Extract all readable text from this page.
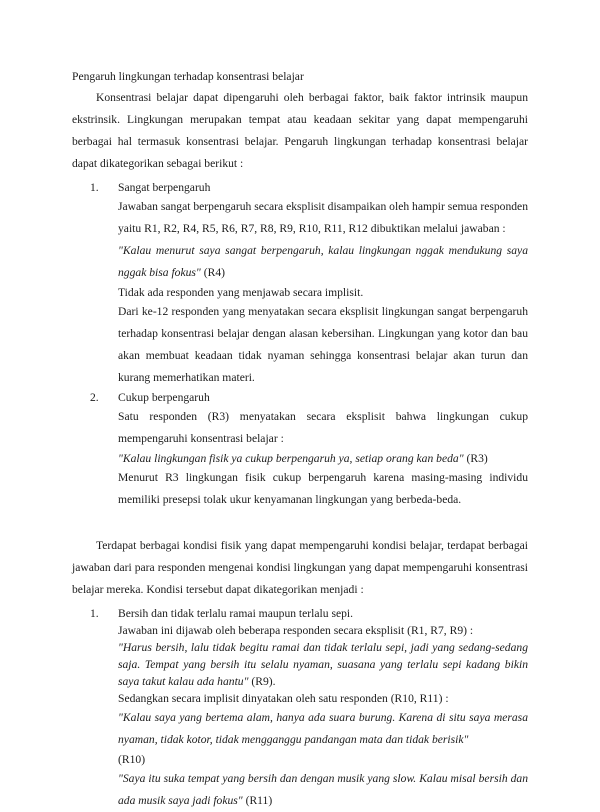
Pengaruh lingkungan terhadap konsentrasi belajar

Konsentrasi belajar dapat dipengaruhi oleh berbagai faktor, baik faktor intrinsik maupun ekstrinsik. Lingkungan merupakan tempat atau keadaan sekitar yang dapat mempengaruhi berbagai hal termasuk konsentrasi belajar. Pengaruh lingkungan terhadap konsentrasi belajar dapat dikategorikan sebagai berikut :

1. Sangat berpengaruh

Jawaban sangat berpengaruh secara eksplisit disampaikan oleh hampir semua responden yaitu R1, R2, R4, R5, R6, R7, R8, R9, R10, R11, R12 dibuktikan melalui jawaban :

"Kalau menurut saya sangat berpengaruh, kalau lingkungan nggak mendukung saya nggak bisa fokus" (R4)

Tidak ada responden yang menjawab secara implisit.

Dari ke-12 responden yang menyatakan secara eksplisit lingkungan sangat berpengaruh terhadap konsentrasi belajar dengan alasan kebersihan. Lingkungan yang kotor dan bau akan membuat keadaan tidak nyaman sehingga konsentrasi belajar akan turun dan kurang memerhatikan materi.

2. Cukup berpengaruh

Satu responden (R3) menyatakan secara eksplisit bahwa lingkungan cukup mempengaruhi konsentrasi belajar :

"Kalau lingkungan fisik ya cukup berpengaruh ya, setiap orang kan beda" (R3)

Menurut R3 lingkungan fisik cukup berpengaruh karena masing-masing individu memiliki presepsi tolak ukur kenyamanan lingkungan yang berbeda-beda.

Terdapat berbagai kondisi fisik yang dapat mempengaruhi kondisi belajar, terdapat berbagai jawaban dari para responden mengenai kondisi lingkungan yang dapat mempengaruhi konsentrasi belajar mereka. Kondisi tersebut dapat dikategorikan menjadi :

1. Bersih dan tidak terlalu ramai maupun terlalu sepi.

Jawaban ini dijawab oleh beberapa responden secara eksplisit (R1, R7, R9) :

"Harus bersih, lalu tidak begitu ramai dan tidak terlalu sepi, jadi yang sedang-sedang saja. Tempat yang bersih itu selalu nyaman, suasana yang terlalu sepi kadang bikin saya takut kalau ada hantu" (R9).

Sedangkan secara implisit dinyatakan oleh satu responden (R10, R11) :

"Kalau saya yang bertema alam, hanya ada suara burung. Karena di situ saya merasa nyaman, tidak kotor, tidak mengganggu pandangan mata dan tidak berisik"

(R10)

"Saya itu suka tempat yang bersih dan dengan musik yang slow. Kalau misal bersih dan ada musik saya jadi fokus" (R11)
